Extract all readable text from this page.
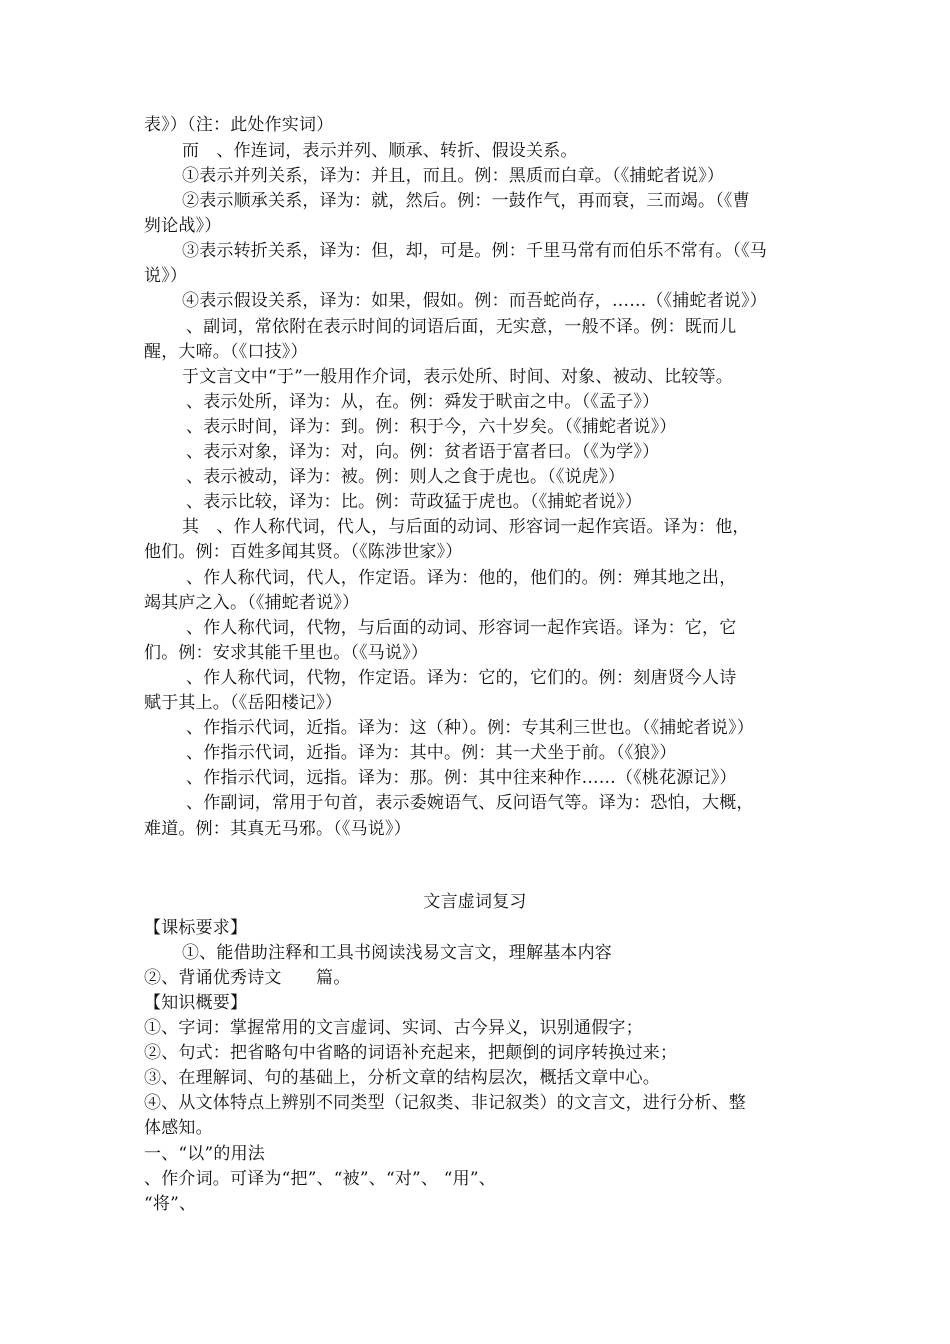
表》）（注：此处作实词）
而　、作连词，表示并列、顺承、转折、假设关系。
①表示并列关系，译为：并且，而且。例：黑质而白章。（《捕蛇者说》）
②表示顺承关系，译为：就，然后。例：一鼓作气，再而衰，三而竭。（《曹
刿论战》）
③表示转折关系，译为：但，却，可是。例：千里马常有而伯乐不常有。（《马
说》）
④表示假设关系，译为：如果，假如。例：而吾蛇尚存，……（《捕蛇者说》）
、副词，常依附在表示时间的词语后面，无实意，一般不译。例：既而儿
醒，大啼。（《口技》）
于文言文中“于”一般用作介词，表示处所、时间、对象、被动、比较等。
、表示处所，译为：从，在。例：舜发于畎亩之中。（《孟子》）
、表示时间，译为：到。例：积于今，六十岁矣。（《捕蛇者说》）
、表示对象，译为：对，向。例：贫者语于富者曰。（《为学》）
、表示被动，译为：被。例：则人之食于虎也。（《说虎》）
、表示比较，译为：比。例：苛政猛于虎也。（《捕蛇者说》）
其　、作人称代词，代人，与后面的动词、形容词一起作宾语。译为：他，
他们。例：百姓多闻其贤。（《陈涉世家》）
、作人称代词，代人，作定语。译为：他的，他们的。例：殚其地之出，
竭其庐之入。（《捕蛇者说》）
、作人称代词，代物，与后面的动词、形容词一起作宾语。译为：它，它
们。例：安求其能千里也。（《马说》）
、作人称代词，代物，作定语。译为：它的，它们的。例：刻唐贤今人诗
赋于其上。（《岳阳楼记》）
、作指示代词，近指。译为：这（种）。例：专其利三世也。（《捕蛇者说》）
、作指示代词，近指。译为：其中。例：其一犬坐于前。（《狼》）
、作指示代词，远指。译为：那。例：其中往来种作……（《桃花源记》）
、作副词，常用于句首，表示委婉语气、反问语气等。译为：恐怕，大概，
难道。例：其真无马邪。（《马说》）
文言虚词复习
【课标要求】
①、能借助注释和工具书阅读浅易文言文，理解基本内容
②、背诵优秀诗文　　篇。
【知识概要】
①、字词：掌握常用的文言虚词、实词、古今异义，识别通假字；
②、句式：把省略句中省略的词语补充起来，把颠倒的词序转换过来；
③、在理解词、句的基础上，分析文章的结构层次，概括文章中心。
④、从文体特点上辨别不同类型（记叙类、非记叙类）的文言文，进行分析、整
体感知。
一、“以”的用法
、作介词。可译为“把”、“被”、“对”、 “用”、
“将”、
